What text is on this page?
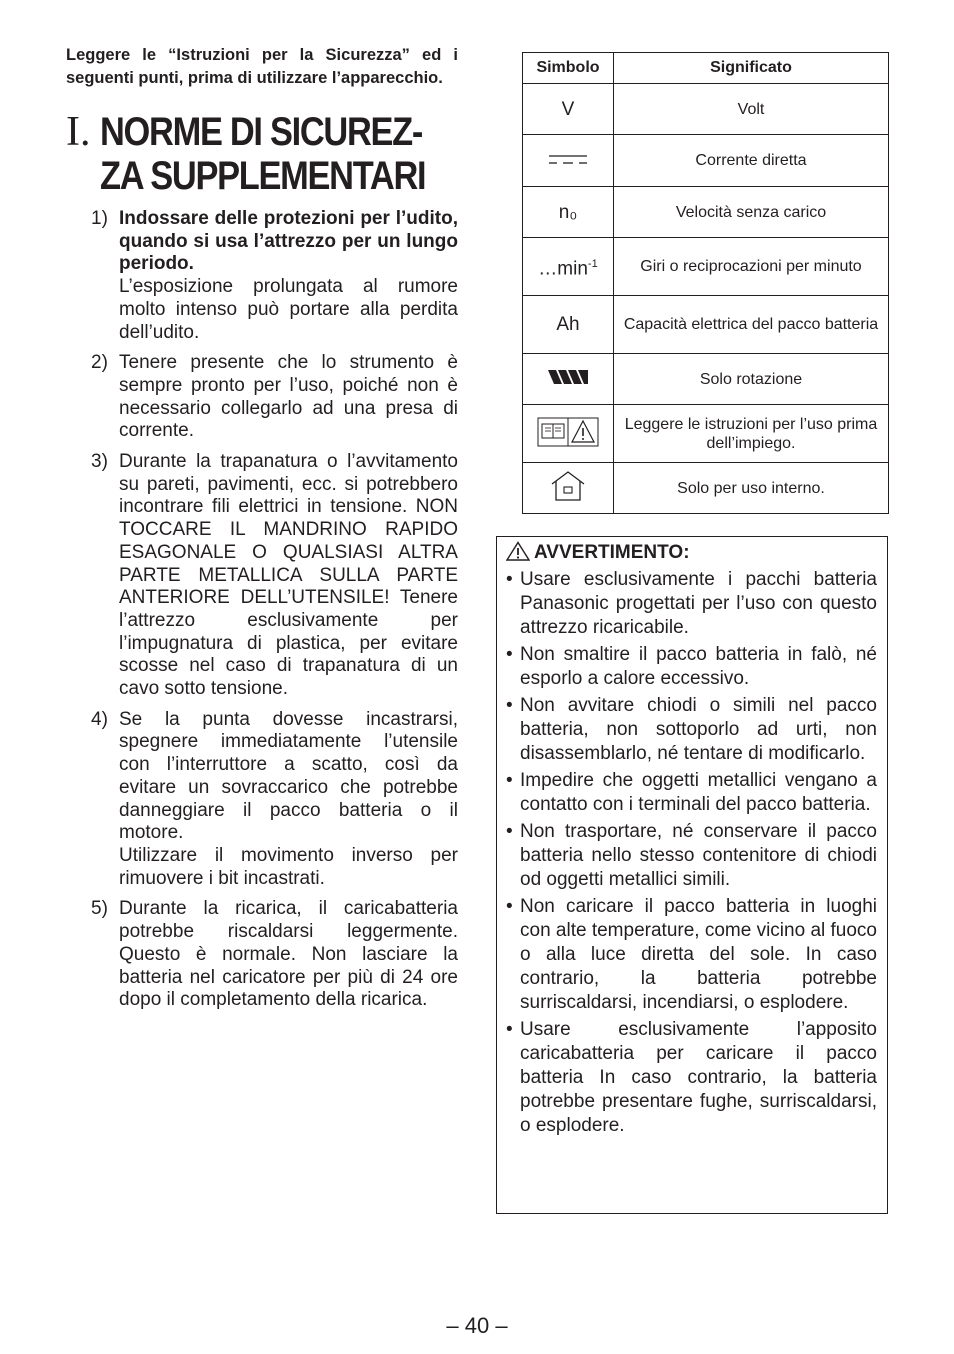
Leggere le “Istruzioni per la Sicurezza” ed i seguenti punti, prima di utilizzare l’apparecchio.

I. NORME DI SICUREZ-
ZA SUPPLEMENTARI
1) Indossare delle protezioni per l’udito, quando si usa l’attrezzo per un lungo periodo.
L’esposizione prolungata al rumore molto intenso può portare alla perdita dell’udito.
2) Tenere presente che lo strumento è sempre pronto per l’uso, poiché non è necessario collegarlo ad una presa di corrente.
3) Durante la trapanatura o l’avvitamento su pareti, pavimenti, ecc. si potrebbero incontrare fili elettrici in tensione. NON TOCCARE IL MANDRINO RAPIDO ESAGONALE O QUALSIASI ALTRA PARTE METALLICA SULLA PARTE ANTERIORE DELL’UTENSILE! Tenere l’attrezzo esclusivamente per l’impugnatura di plastica, per evitare scosse nel caso di trapanatura di un cavo sotto tensione.
4) Se la punta dovesse incastrarsi, spegnere immediatamente l’utensile con l’interruttore a scatto, così da evitare un sovraccarico che potrebbe danneggiare il pacco batteria o il motore.
Utilizzare il movimento inverso per rimuovere i bit incastrati.
5) Durante la ricarica, il caricabatteria potrebbe riscaldarsi leggermente. Questo è normale. Non lasciare la batteria nel caricatore per più di 24 ore dopo il completamento della ricarica.
Simbolo	Significato
V	Volt
	Corrente diretta
n₀	Velocità senza carico
$\dots\min^{-1}$	Giri o reciprocazioni per minuto
Ah	Capacità elettrica del pacco batteria
	Solo rotazione
	Leggere le istruzioni per l’uso prima dell’impiego.
	Solo per uso interno.
AVVERTIMENTO:
• Usare esclusivamente i pacchi batteria Panasonic progettati per l’uso con questo attrezzo ricaricabile.
• Non smaltire il pacco batteria in falò, né esporlo a calore eccessivo.
• Non avvitare chiodi o simili nel pacco batteria, non sottoporlo ad urti, non disassemblarlo, né tentare di modificarlo.
• Impedire che oggetti metallici vengano a contatto con i terminali del pacco batteria.
• Non trasportare, né conservare il pacco batteria nello stesso contenitore di chiodi od oggetti metallici simili.
• Non caricare il pacco batteria in luoghi con alte temperature, come vicino al fuoco o alla luce diretta del sole. In caso contrario, la batteria potrebbe surriscaldarsi, incendiarsi, o esplodere.
• Usare esclusivamente l’apposito caricabatteria per caricare il pacco batteria In caso contrario, la batteria potrebbe presentare fughe, surriscaldarsi, o esplodere.
– 40 –
